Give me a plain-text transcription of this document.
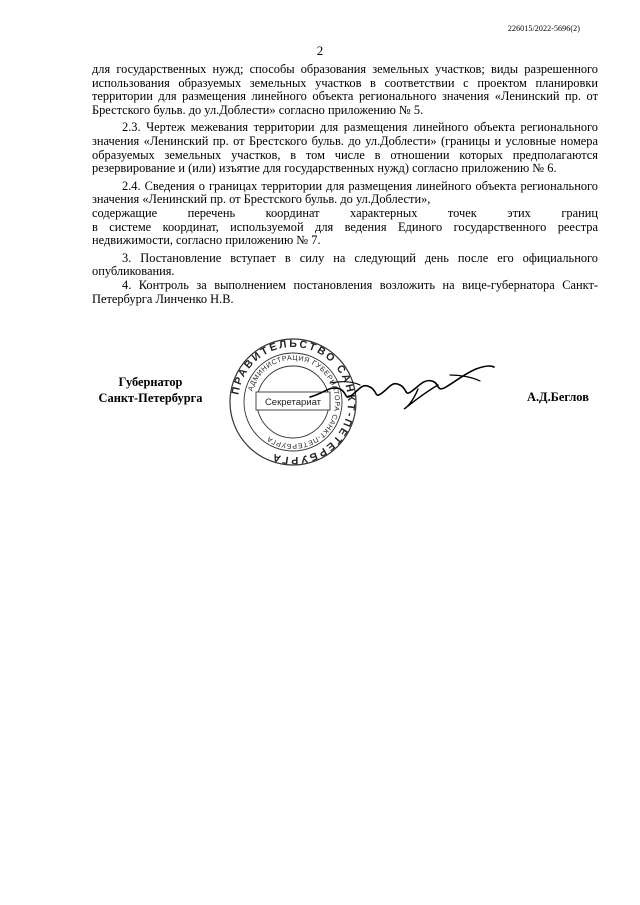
226015/2022-5696(2)
2

для государственных нужд; способы образования земельных участков; виды разрешенного использования образуемых земельных участков в соответствии с проектом планировки территории для размещения линейного объекта регионального значения «Ленинский пр. от Брестского бульв. до ул.Доблести» согласно приложению № 5.

2.3. Чертеж межевания территории для размещения линейного объекта регионального значения «Ленинский пр. от Брестского бульв. до ул.Доблести» (границы и условные номера образуемых земельных участков, в том числе в отношении которых предполагаются резервирование и (или) изъятие для государственных нужд) согласно приложению № 6.

2.4. Сведения о границах территории для размещения линейного объекта регионального значения «Ленинский пр. от Брестского бульв. до ул.Доблести»,

содержащие перечень координат характерных точек этих границ

в системе координат, используемой для ведения Единого государственного реестра недвижимости, согласно приложению № 7.

3. Постановление вступает в силу на следующий день после его официального опубликования.

4. Контроль за выполнением постановления возложить на вице-губернатора Санкт-Петербурга Линченко Н.В.

Губернатор
Санкт-Петербурга
ПРАВИТЕЛЬСТВО САНКТ-ПЕТЕРБУРГА
АДМИНИСТРАЦИЯ ГУБЕРНАТОРА САНКТ-ПЕТЕРБУРГА
Секретариат	А.Д.Беглов
